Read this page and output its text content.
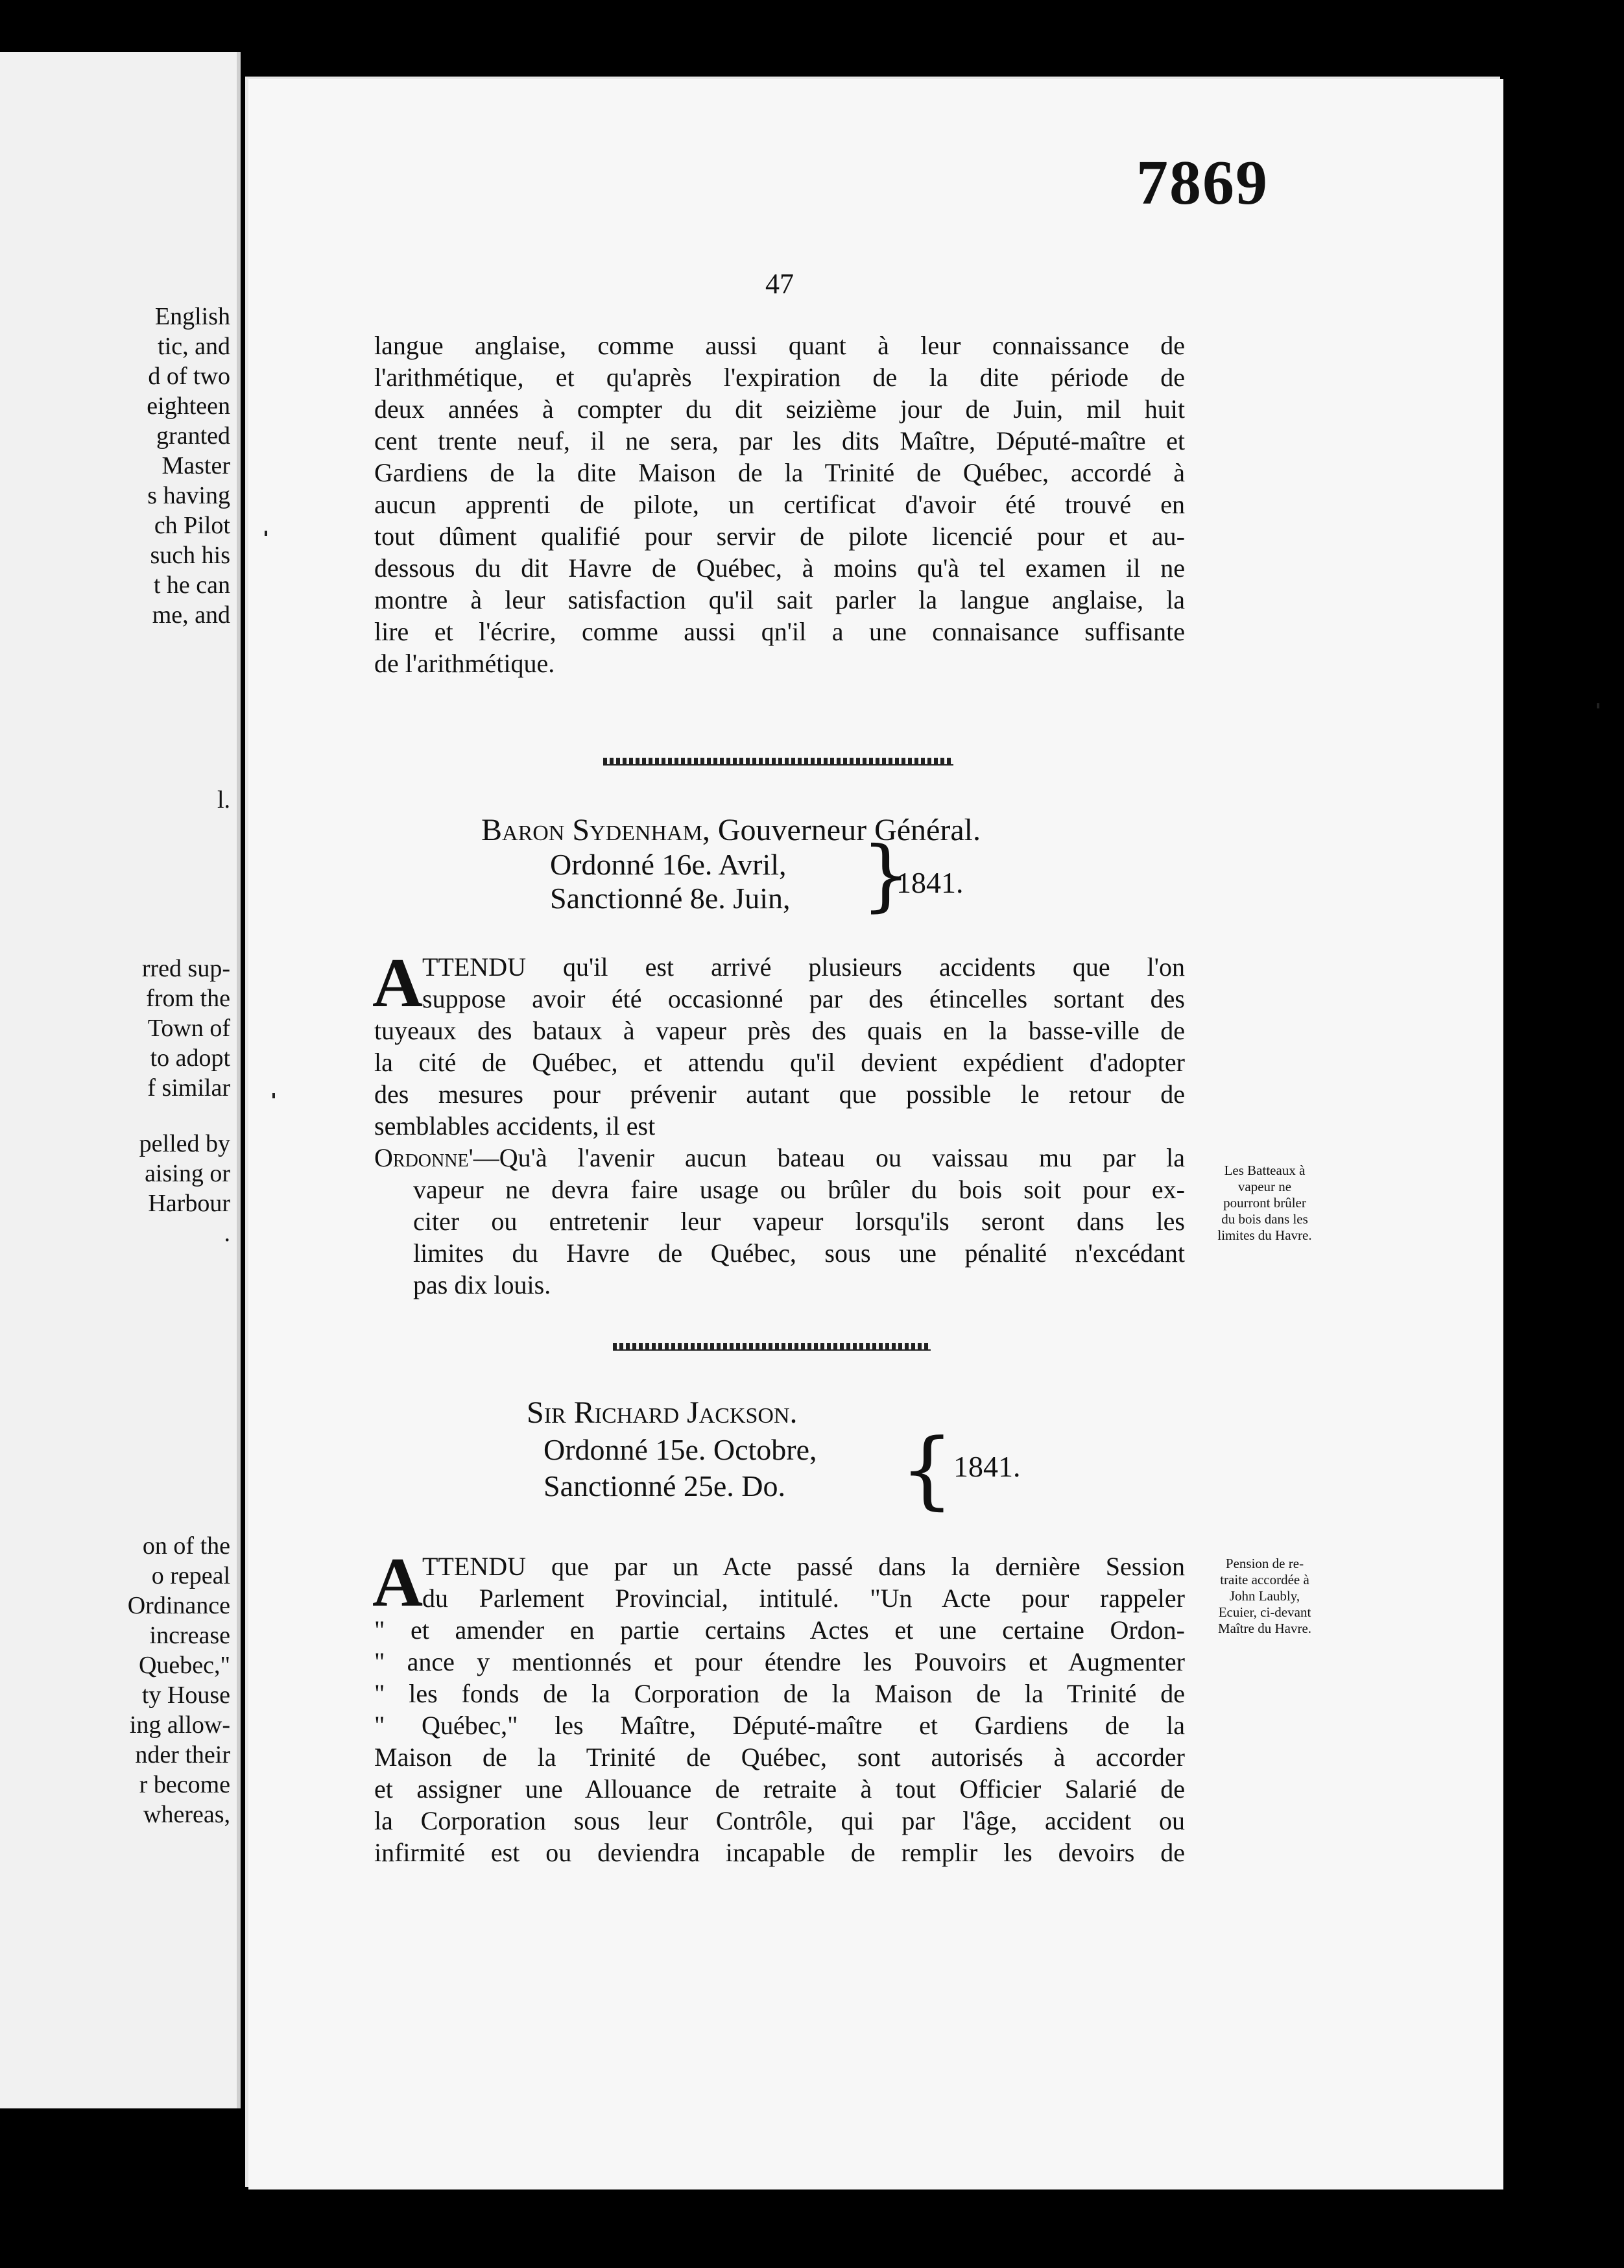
English
tic, and
d of two
eighteen
granted
Master
s having
ch Pilot
such his
t he can
me, and
l.
rred sup-
from the
Town of
to adopt
f similar
pelled by
aising or
Harbour
.
on of the
o repeal
Ordinance
increase
Quebec,"
ty House
ing allow-
nder their
r become
whereas,
7869
47
langue anglaise, comme aussi quant à leur connaissance de
l'arithmétique, et qu'après l'expiration de la dite période de
deux années à compter du dit seizième jour de Juin, mil huit
cent trente neuf, il ne sera, par les dits Maître, Député-maître et
Gardiens de la dite Maison de la Trinité de Québec, accordé à
aucun apprenti de pilote, un certificat d'avoir été trouvé en
tout dûment qualifié pour servir de pilote licencié pour et au-
dessous du dit Havre de Québec, à moins qu'à tel examen il ne
montre à leur satisfaction qu'il sait parler la langue anglaise, la
lire et l'écrire, comme aussi qn'il a une connaisance suffisante
de l'arithmétique.
Baron Sydenham, Gouverneur Général.
Ordonné 16e. Avril,
Sanctionné 8e. Juin, }
1841.
A TTENDU qu'il est arrivé plusieurs accidents que l'on
suppose avoir été occasionné par des étincelles sortant des
tuyeaux des bataux à vapeur près des quais en la basse-ville de
la cité de Québec, et attendu qu'il devient expédient d'adopter
des mesures pour prévenir autant que possible le retour de
semblables accidents, il est
Ordonne'—Qu'à l'avenir aucun bateau ou vaissau mu par la
vapeur ne devra faire usage ou brûler du bois soit pour ex-
citer ou entretenir leur vapeur lorsqu'ils seront dans les
limites du Havre de Québec, sous une pénalité n'excédant
pas dix louis.
Les Batteaux à
vapeur ne
pourront brûler
du bois dans les
limites du Havre.
Sir Richard Jackson.
Ordonné 15e. Octobre,
Sanctionné 25e. Do. { 1841.
A TTENDU que par un Acte passé dans la dernière Session
du Parlement Provincial, intitulé. "Un Acte pour rappeler
" et amender en partie certains Actes et une certaine Ordon-
" ance y mentionnés et pour étendre les Pouvoirs et Augmenter
" les fonds de la Corporation de la Maison de la Trinité de
" Québec," les Maître, Député-maître et Gardiens de la
Maison de la Trinité de Québec, sont autorisés à accorder
et assigner une Allouance de retraite à tout Officier Salarié de
la Corporation sous leur Contrôle, qui par l'âge, accident ou
infirmité est ou deviendra incapable de remplir les devoirs de
Pension de re-
traite accordée à
John Laubly,
Ecuier, ci-devant
Maître du Havre.
